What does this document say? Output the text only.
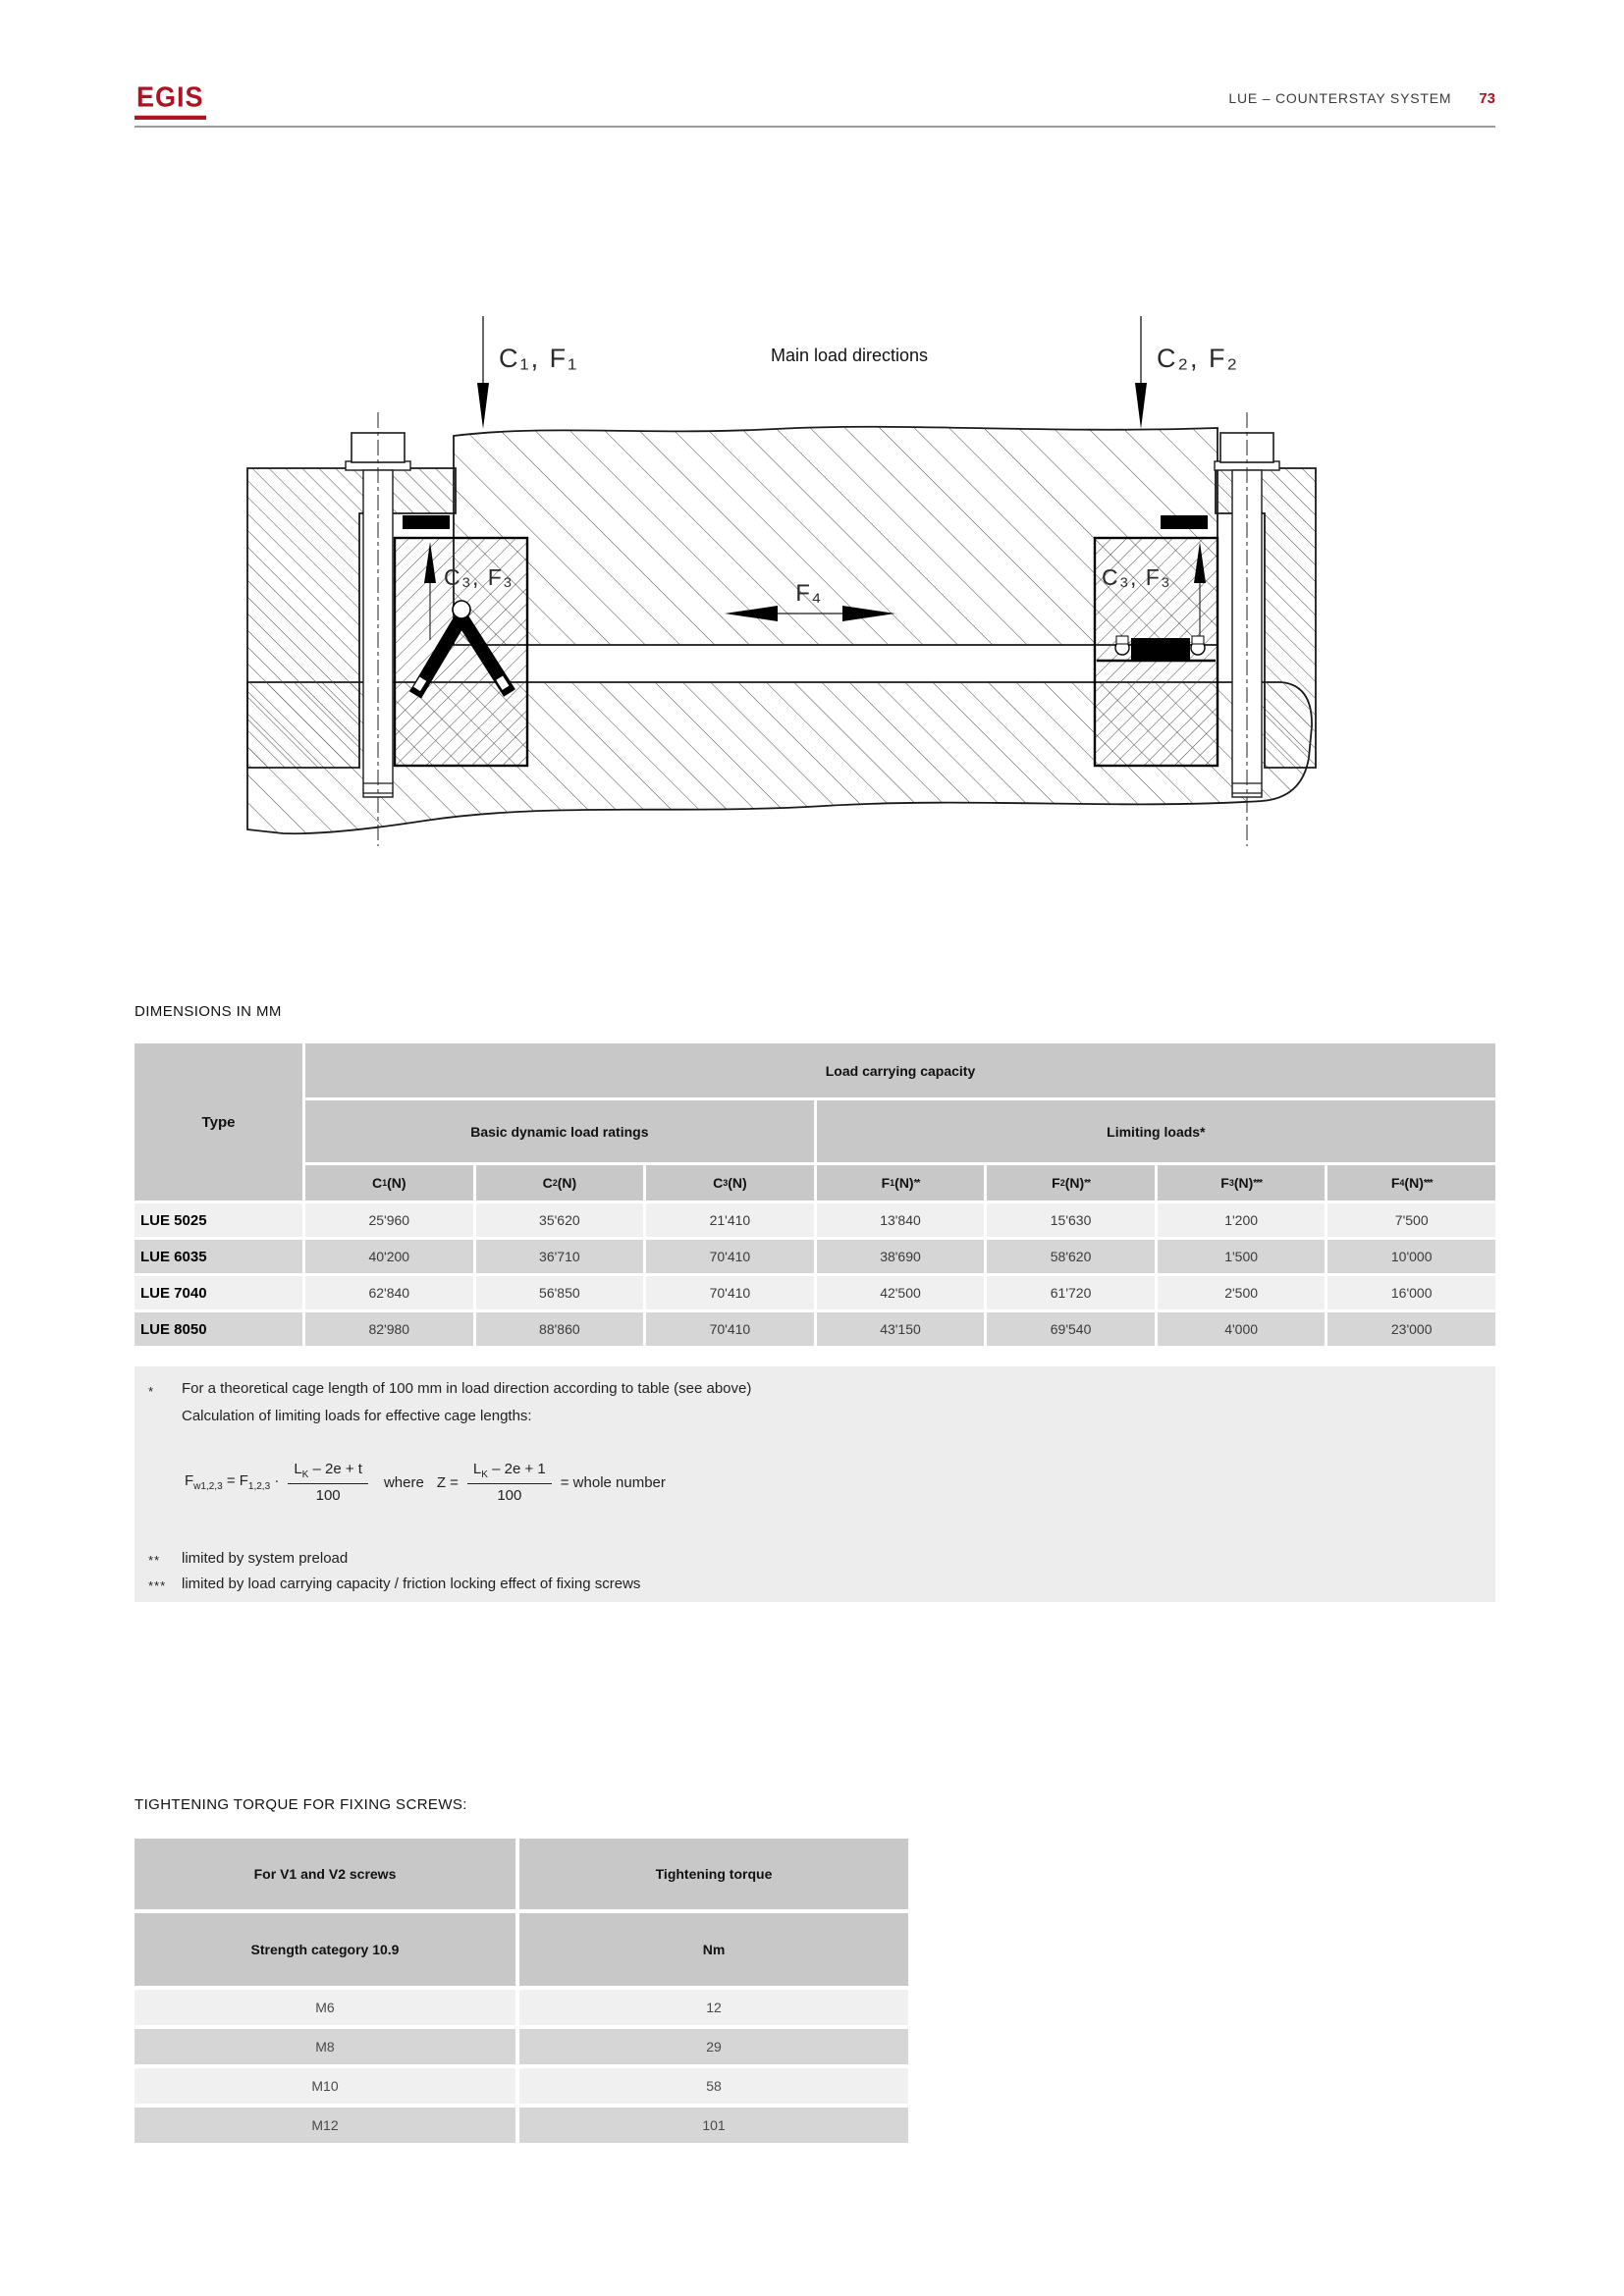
EGIS	LUE – COUNTERSTAY SYSTEM 73
C₁, F₁	C₂, F₂
Main load directions
C₃, F₃	C₃, F₃
F₄
DIMENSIONS IN MM
Type
Load carrying capacity
Basic dynamic load ratings	Limiting loads*
C 1 (N)	C 2 (N)	C 3 (N)	F 1 (N) **	F 2 (N) **	F 3 (N) ***	F 4 (N) ***
LUE 5025	25'960	35'620	21'410	13'840	15'630	1'200	7'500
LUE 6035	40'200	36'710	70'410	38'690	58'620	1'500	10'000
LUE 7040	62'840	56'850	70'410	42'500	61'720	2'500	16'000
LUE 8050	82'980	88'860	70'410	43'150	69'540	4'000	23'000
* For a theoretical cage length of 100 mm in load direction according to table (see above)
Calculation of limiting loads for effective cage lengths:
$F_{w1,2,3} = F_{1,2,3} \cdot \frac{L_K - 2e + t}{100}$ where $Z = \frac{L_K - 2e + 1}{100}$ = whole number
** limited by system preload
*** limited by load carrying capacity / friction locking effect of fixing screws
TIGHTENING TORQUE FOR FIXING SCREWS:
For V1 and V2 screws	Tightening torque
Strength category 10.9	Nm
M6	12
M8	29
M10	58
M12	101
